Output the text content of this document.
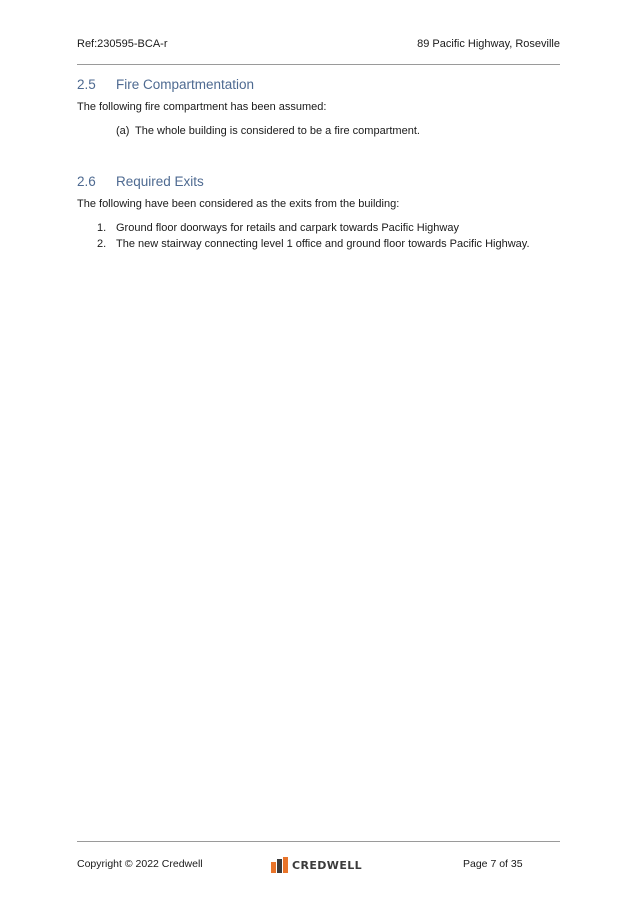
Ref:230595-BCA-r	89 Pacific Highway, Roseville
2.5 Fire Compartmentation
The following fire compartment has been assumed:
(a) The whole building is considered to be a fire compartment.
2.6 Required Exits
The following have been considered as the exits from the building:
1. Ground floor doorways for retails and carpark towards Pacific Highway
2. The new stairway connecting level 1 office and ground floor towards Pacific Highway.
Copyright © 2022 Credwell	CREDWELL	Page 7 of 35
